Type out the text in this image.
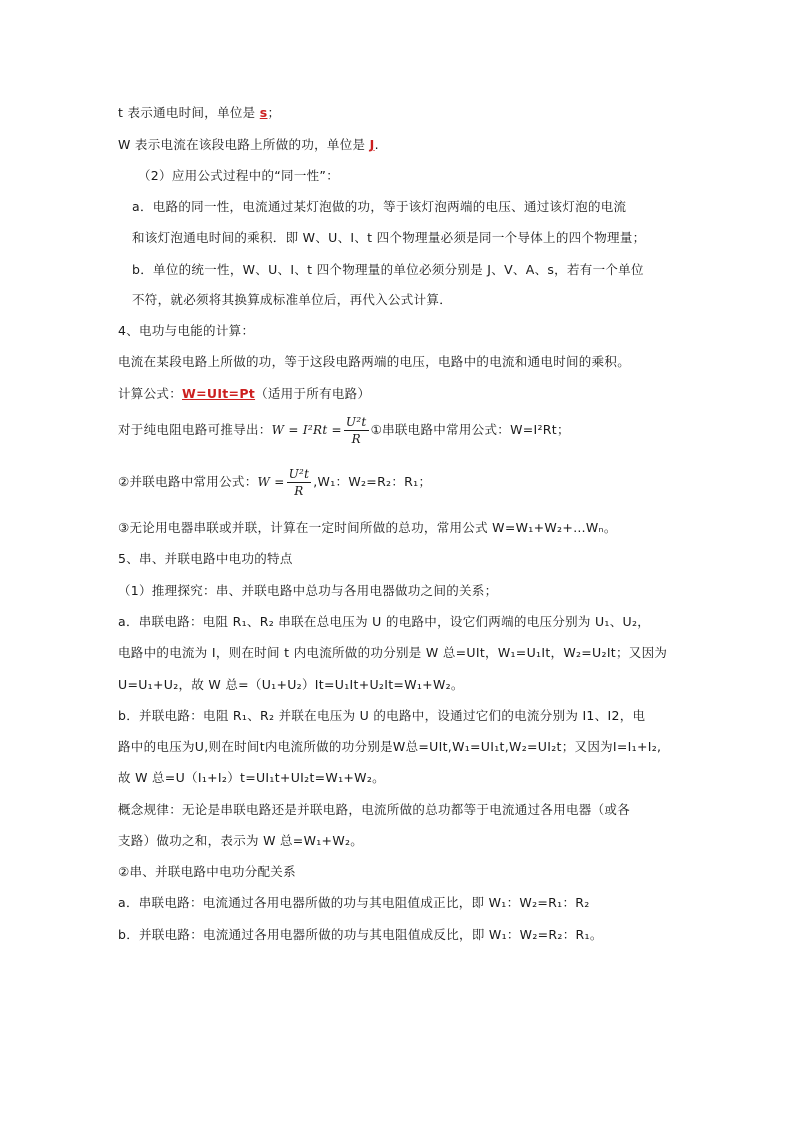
t 表示通电时间，单位是 s；
W 表示电流在该段电路上所做的功，单位是 J.
（2）应用公式过程中的“同一性”：
a．电路的同一性，电流通过某灯泡做的功，等于该灯泡两端的电压、通过该灯泡的电流
和该灯泡通电时间的乘积．即 W、U、I、t 四个物理量必须是同一个导体上的四个物理量；
b．单位的统一性，W、U、I、t 四个物理量的单位必须分别是 J、V、A、s，若有一个单位
不符，就必须将其换算成标准单位后，再代入公式计算．
4、电功与电能的计算：
电流在某段电路上所做的功，等于这段电路两端的电压，电路中的电流和通电时间的乘积。
计算公式：W=UIt=Pt（适用于所有电路）
对于纯电阻电路可推导出：$W = I^2Rt = \frac{\text{U²t}}{R}$ ①串联电路中常用公式：W=I²Rt；
②并联电路中常用公式：$W = \frac{\text{U²t}}{R} ,W_1$：W₂=R₂：R₁；
③无论用电器串联或并联，计算在一定时间所做的总功，常用公式 W=W₁+W₂+…Wₙ。
5、串、并联电路中电功的特点
（1）推理探究：串、并联电路中总功与各用电器做功之间的关系；
a．串联电路：电阻 R₁、R₂ 串联在总电压为 U 的电路中，设它们两端的电压分别为 U₁、U₂，
电路中的电流为 I，则在时间 t 内电流所做的功分别是 W 总=UIt，W₁=U₁It，W₂=U₂It；又因为
U=U₁+U₂，故 W 总=（U₁+U₂）It=U₁It+U₂It=W₁+W₂。
b．并联电路：电阻 R₁、R₂ 并联在电压为 U 的电路中，设通过它们的电流分别为 I1、I2，电
路中的电压为U,则在时间t内电流所做的功分别是W总=UIt,W₁=UI₁t,W₂=UI₂t；又因为I=I₁+I₂,
故 W 总=U（I₁+I₂）t=UI₁t+UI₂t=W₁+W₂。
概念规律：无论是串联电路还是并联电路，电流所做的总功都等于电流通过各用电器（或各
支路）做功之和，表示为 W 总=W₁+W₂。
②串、并联电路中电功分配关系
a．串联电路：电流通过各用电器所做的功与其电阻值成正比，即 W₁：W₂=R₁：R₂
b．并联电路：电流通过各用电器所做的功与其电阻值成反比，即 W₁：W₂=R₂：R₁。
